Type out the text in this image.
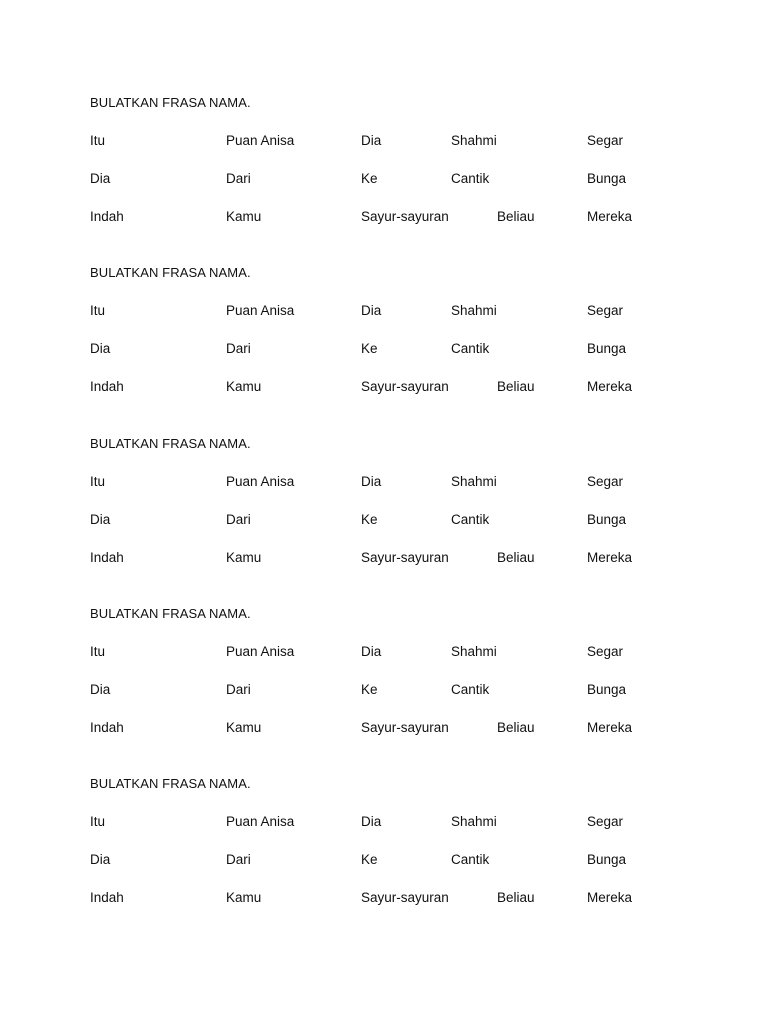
BULATKAN FRASA NAMA.
Itu	Puan Anisa	Dia	Shahmi	Segar
Dia	Dari	Ke	Cantik	Bunga
Indah	Kamu	Sayur-sayuran	Beliau	Mereka
BULATKAN FRASA NAMA.
Itu	Puan Anisa	Dia	Shahmi	Segar
Dia	Dari	Ke	Cantik	Bunga
Indah	Kamu	Sayur-sayuran	Beliau	Mereka
BULATKAN FRASA NAMA.
Itu	Puan Anisa	Dia	Shahmi	Segar
Dia	Dari	Ke	Cantik	Bunga
Indah	Kamu	Sayur-sayuran	Beliau	Mereka
BULATKAN FRASA NAMA.
Itu	Puan Anisa	Dia	Shahmi	Segar
Dia	Dari	Ke	Cantik	Bunga
Indah	Kamu	Sayur-sayuran	Beliau	Mereka
BULATKAN FRASA NAMA.
Itu	Puan Anisa	Dia	Shahmi	Segar
Dia	Dari	Ke	Cantik	Bunga
Indah	Kamu	Sayur-sayuran	Beliau	Mereka
